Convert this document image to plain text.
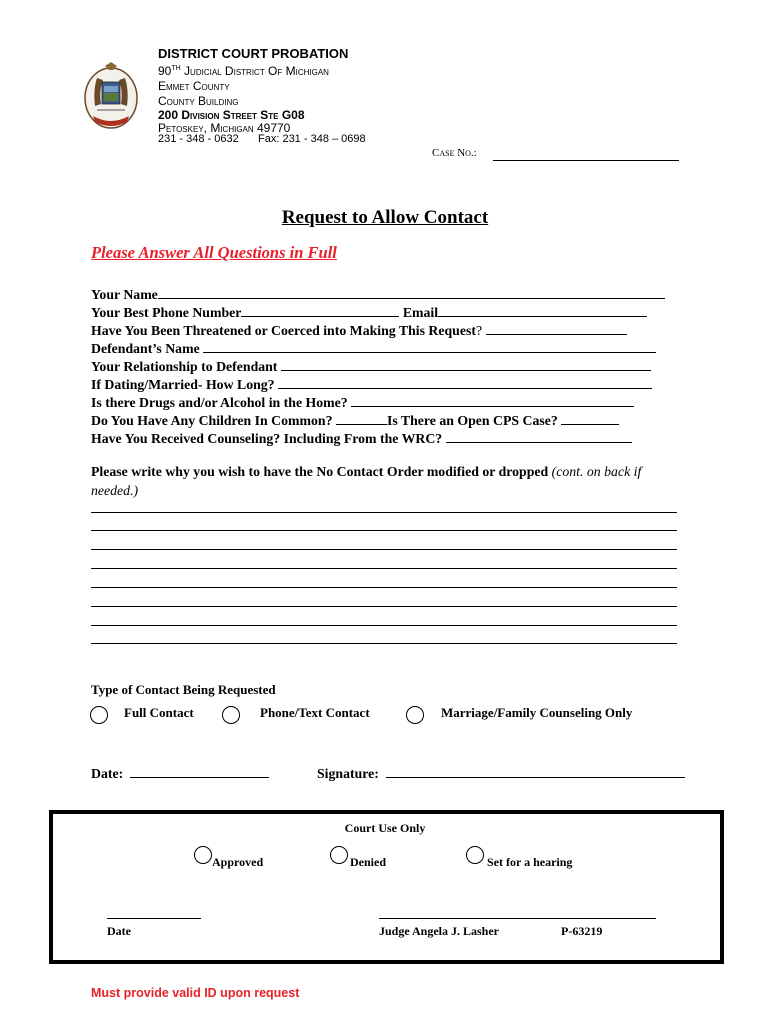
DISTRICT COURT PROBATION
90TH Judicial District Of Michigan
Emmet County
County Building
200 Division Street Ste G08
Petoskey, Michigan 49770
231 - 348 - 0632 Fax: 231 - 348 – 0698
Case No.:
Request to Allow Contact
Please Answer All Questions in Full
Your Name
Your Best Phone Number	Email
Have You Been Threatened or Coerced into Making This Request?
Defendant’s Name
Your Relationship to Defendant
If Dating/Married- How Long?
Is there Drugs and/or Alcohol in the Home?
Do You Have Any Children In Common?	Is There an Open CPS Case?
Have You Received Counseling? Including From the WRC?
Please write why you wish to have the No Contact Order modified or dropped (cont. on back if needed.)
Type of Contact Being Requested
Full Contact	Phone/Text Contact	Marriage/Family Counseling Only
Date:	Signature:
Court Use Only
Approved	Denied	Set for a hearing
Date	Judge Angela J. Lasher	P-63219
Must provide valid ID upon request
